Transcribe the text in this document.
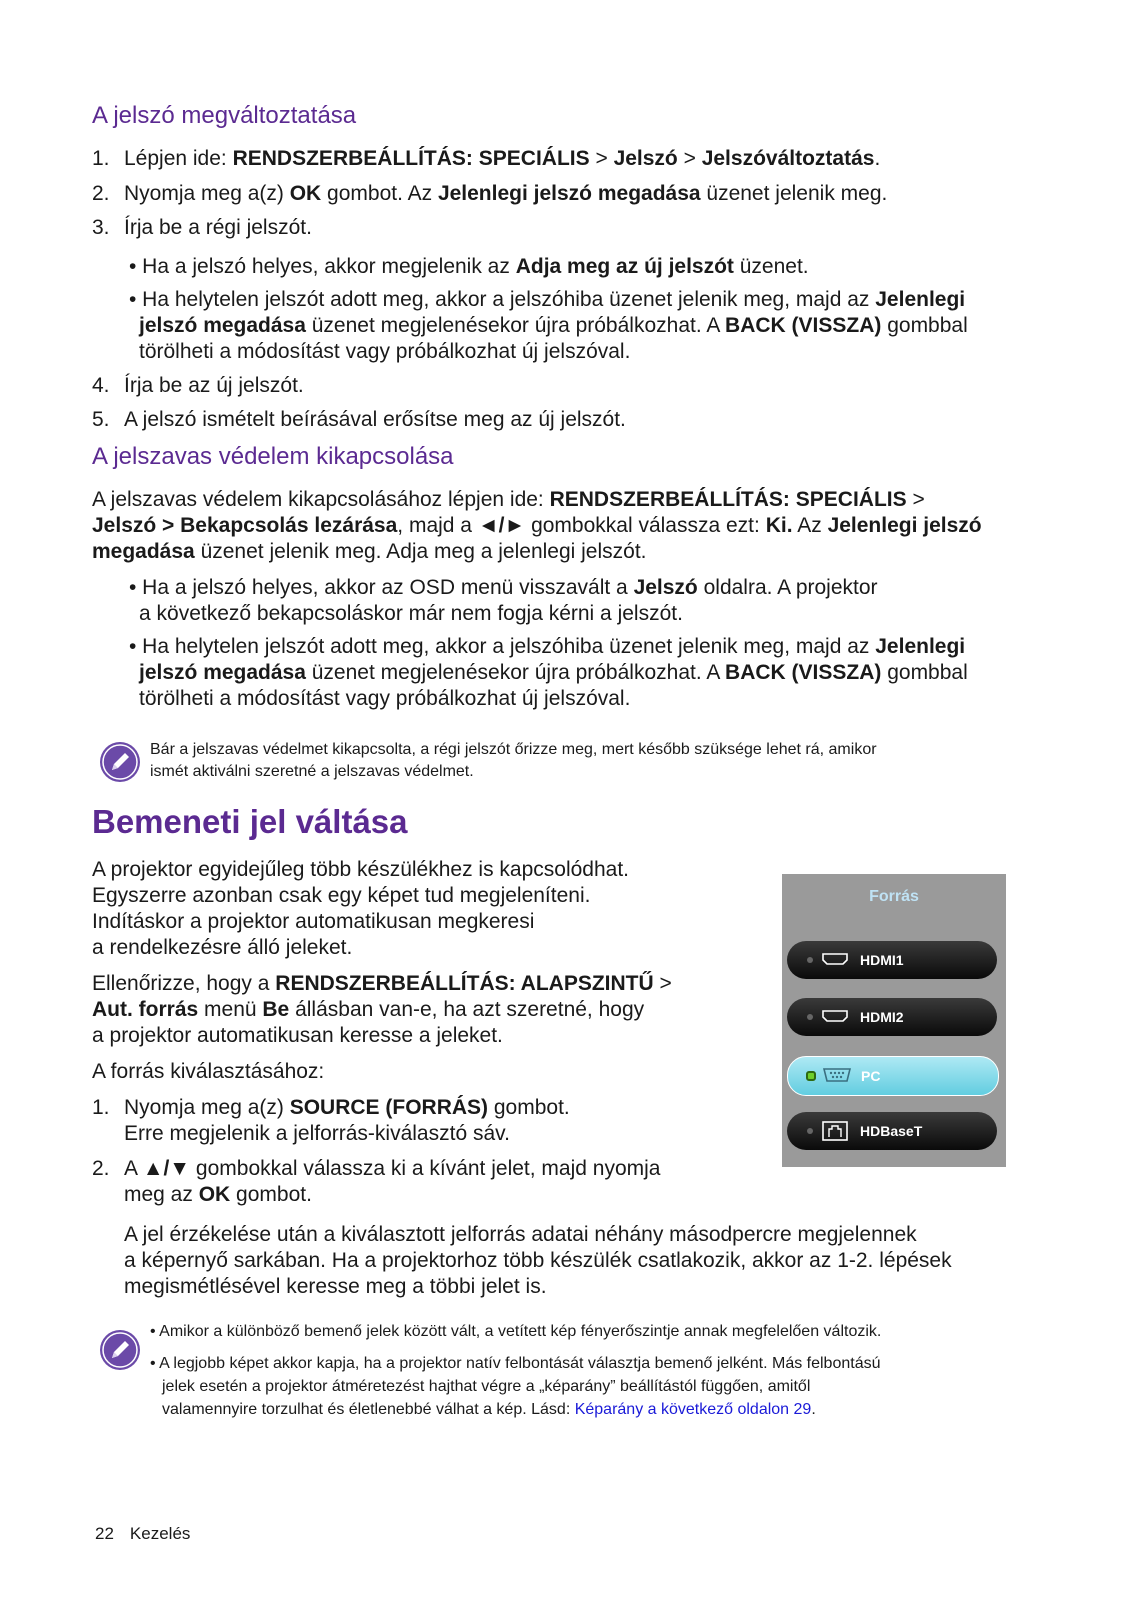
A jelszó megváltoztatása
1. Lépjen ide: RENDSZERBEÁLLÍTÁS: SPECIÁLIS > Jelszó > Jelszóváltoztatás.
2. Nyomja meg a(z) OK gombot. Az Jelenlegi jelszó megadása üzenet jelenik meg.
3. Írja be a régi jelszót.
• Ha a jelszó helyes, akkor megjelenik az Adja meg az új jelszót üzenet.
• Ha helytelen jelszót adott meg, akkor a jelszóhiba üzenet jelenik meg, majd az Jelenlegi
jelszó megadása üzenet megjelenésekor újra próbálkozhat. A BACK (VISSZA) gombbal
törölheti a módosítást vagy próbálkozhat új jelszóval.
4. Írja be az új jelszót.
5. A jelszó ismételt beírásával erősítse meg az új jelszót.
A jelszavas védelem kikapcsolása
A jelszavas védelem kikapcsolásához lépjen ide: RENDSZERBEÁLLÍTÁS: SPECIÁLIS >
Jelszó > Bekapcsolás lezárása, majd a ◄/► gombokkal válassza ezt: Ki. Az Jelenlegi jelszó
megadása üzenet jelenik meg. Adja meg a jelenlegi jelszót.
• Ha a jelszó helyes, akkor az OSD menü visszavált a Jelszó oldalra. A projektor
a következő bekapcsoláskor már nem fogja kérni a jelszót.
• Ha helytelen jelszót adott meg, akkor a jelszóhiba üzenet jelenik meg, majd az Jelenlegi
jelszó megadása üzenet megjelenésekor újra próbálkozhat. A BACK (VISSZA) gombbal
törölheti a módosítást vagy próbálkozhat új jelszóval.
Bár a jelszavas védelmet kikapcsolta, a régi jelszót őrizze meg, mert később szüksége lehet rá, amikor
ismét aktiválni szeretné a jelszavas védelmet.
Bemeneti jel váltása
A projektor egyidejűleg több készülékhez is kapcsolódhat.
Egyszerre azonban csak egy képet tud megjeleníteni.
Indításkor a projektor automatikusan megkeresi
a rendelkezésre álló jeleket.
Ellenőrizze, hogy a RENDSZERBEÁLLÍTÁS: ALAPSZINTŰ >
Aut. forrás menü Be állásban van-e, ha azt szeretné, hogy
a projektor automatikusan keresse a jeleket.
A forrás kiválasztásához:
1. Nyomja meg a(z) SOURCE (FORRÁS) gombot.
Erre megjelenik a jelforrás-kiválasztó sáv.
2. A ▲/▼ gombokkal válassza ki a kívánt jelet, majd nyomja
meg az OK gombot.
A jel érzékelése után a kiválasztott jelforrás adatai néhány másodpercre megjelennek
a képernyő sarkában. Ha a projektorhoz több készülék csatlakozik, akkor az 1-2. lépések
megismétlésével keresse meg a többi jelet is.
• Amikor a különböző bemenő jelek között vált, a vetített kép fényerőszintje annak megfelelően változik.
• A legjobb képet akkor kapja, ha a projektor natív felbontását választja bemenő jelként. Más felbontású
jelek esetén a projektor átméretezést hajthat végre a „képarány” beállítástól függően, amitől
valamennyire torzulhat és életlenebbé válhat a kép. Lásd: Képarány a következő oldalon 29.
Forrás
HDMI1
HDMI2
PC
HDBaseT
22 Kezelés
